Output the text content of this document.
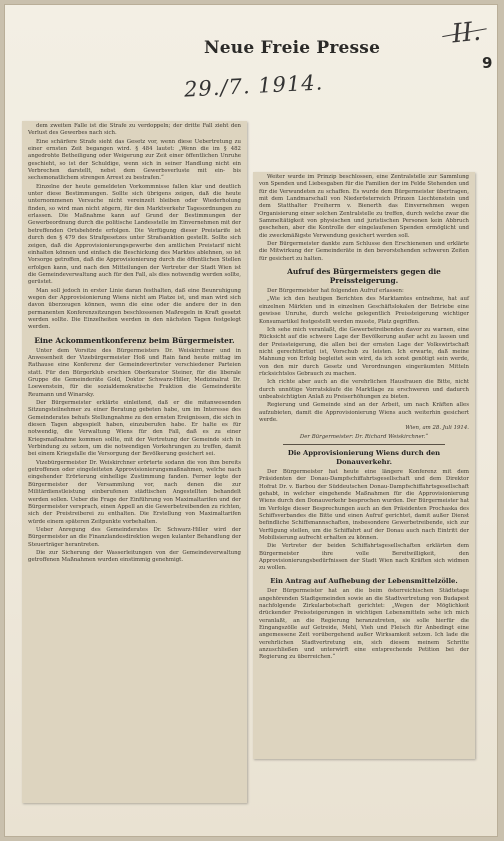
Neue Freie Presse	II.
9
29./7. 1914.

dem zweiten Falle ist die Strafe zu verdoppeln; der dritte Fall zieht den Verlust des Gewerbes nach sich.

Eine schärfere Strafe sieht das Gesetz vor, wenn diese Uebertretung zu einer ernsten Zeit begangen wird. § 484 lautet: „Wenn die im § 482 angedrohte Betheiligung oder Weigerung zur Zeit einer öffentlichen Unruhe geschieht, so ist der Schuldige, wenn sich in seiner Handlung nicht ein Verbrechen darstellt, nebst dem Gewerbsverluste mit ein- bis sechsmonatlichem strengen Arrest zu bestrafen.“

Einzelne der heute gemeldeten Vorkommnisse fallen klar und deutlich unter diese Bestimmungen. Sollte sich übrigens zeigen, daß die heute unternommenen Versuche nicht vereinzelt bleiben oder Wiederholung finden, so wird man nicht zögern, für den Marktverkehr Tagesordnungen zu erlassen. Die Maßnahme kann auf Grund der Bestimmungen der Gewerbeordnung durch die politische Landesstelle im Einvernehmen mit der betreffenden Ortsbehörde erfolgen. Die Verfügung dieser Preistarife ist durch den § 479 des Strafgesetzes unter Strafsanktion gestellt. Sollte sich zeigen, daß die Approvisionierungsgewerbe den amtlichen Preistarif nicht einhalten können und einfach die Beschickung des Marktes ablehnen, so ist Vorsorge getroffen, daß die Approvisionierung durch die öffentlichen Stellen erfolgen kann, und nach den Mitteilungen der Vertreter der Stadt Wien ist die Gemeindeverwaltung auch für den Fall, als dies notwendig werden sollte, gerüstet.

Man soll jedoch in erster Linie daran festhalten, daß eine Beunruhigung wegen der Approvisionierung Wiens nicht am Platze ist, und man wird sich davon überzeugen können, wenn die eine oder die andere der in den permanenten Konferenzsitzungen beschlossenen Maßregeln in Kraft gesetzt werden sollte. Die Einzelheiten werden in den nächsten Tagen festgelegt werden.

Eine Ackommentkonferenz beim Bürgermeister.

Unter dem Vorsitze des Bürgermeisters Dr. Weiskirchner und in Anwesenheit der Vizebürgermeister Hoß und Rain fand heute mittag im Rathause eine Konferenz der Gemeindevertreter verschiedener Parteien statt. Für den Bürgerklub erschien Oberkurator Steiner, für die liberale Gruppe die Gemeinderäte Gold, Doktor Schwarz-Hiller, Medizinalrat Dr. Loewenstein, für die sozialdemokratische Fraktion die Gemeinderäte Reumann und Winarsky.

Der Bürgermeister erklärte einleitend, daß er die mitanwesenden Sitzungsteilnehmer zu einer Beratung gebeten habe, um im Interesse des Gemeinderates behufs Stellungnahme zu den ernsten Ereignissen, die sich in diesen Tagen abgespielt haben, einzuberufen habe. Er halte es für notwendig, die Verwaltung Wiens für den Fall, daß es zu einer Kriegsmaßnahme kommen sollte, mit der Vertretung der Gemeinde sich in Verbindung zu setzen, um die notwendigen Vorkehrungen zu treffen, damit bei einem Kriegsfalle die Versorgung der Bevölkerung gesichert sei.

Vizebürgermeister Dr. Weiskirchner erörterte sodann die von ihm bereits getroffenen oder eingeleiteten Approvisionierungsmaßnahmen, welche nach eingehender Erörterung einhellige Zustimmung fanden. Ferner legte der Bürgermeister der Versammlung vor, nach denen die zur Militärdienstleistung einberufenen städtischen Angestellten behandelt werden sollen. Ueber die Frage der Einführung von Maximaltarifen und der Bürgermeister versprach, einen Appell an die Gewerbetreibenden zu richten, sich der Preistreiberei zu enthalten. Die Erstellung von Maximaltarifen würde einem späteren Zeitpunkte vorbehalten.

Ueber Anregung des Gemeinderates Dr. Schwarz-Hiller wird der Bürgermeister an die Finanzlandesdirektion wegen kulanter Behandlung der Steuerträger herantreten.

Die zur Sicherung der Wasserleitungen von der Gemeindeverwaltung getroffenen Maßnahmen wurden einstimmig genehmigt.

Weiter wurde im Prinzip beschlossen, eine Zentralstelle zur Sammlung von Spenden und Liebesgaben für die Familien der im Felde Stehenden und für die Verwundeten zu schaffen. Es wurde dem Bürgermeister übertragen, mit dem Landmarschall von Niederösterreich Prinzen Liechtenstein und dem Statthalter Freiherrn v. Bienerth das Einvernehmen wegen Organisierung einer solchen Zentralstelle zu treffen, durch welche zwar die Sammeltätigkeit von physischen und juristischen Personen kein Abbruch geschehen, aber die Kontrolle der eingelaufenen Spenden ermöglicht und die zweckmäßigste Verwendung gesichert werden soll.

Der Bürgermeister dankte zum Schlusse den Erschienenen und erklärte die Mitwirkung der Gemeinderäte in den bevorstehenden schweren Zeiten für gesichert zu halten.

Aufruf des Bürgermeisters gegen die Preissteigerung.

Der Bürgermeister hat folgenden Aufruf erlassen:

„Wie ich den heutigen Berichten des Marktamtes entnehme, hat auf einzelnen Märkten und in einzelnen Geschäftslokalen der Betriebe eine gewisse Unruhe, durch welche gelegentlich Preissteigerung wichtiger Konsumartikel festgestellt werden musste, Platz gegriffen.

Ich sehe mich veranlaßt, die Gewerbetreibenden davor zu warnen, eine Rücksicht auf die schwere Lage der Bevölkerung außer acht zu lassen und der Preissteigerung, die allen bei der ernsten Lage der Volkswirtschaft nicht gerechtfertigt ist, Vorschub zu leisten. Ich erwarte, daß meine Mahnung von Erfolg begleitet sein wird, da ich sonst genötigt sein werde, von den mir durch Gesetz und Verordnungen eingeräumten Mitteln rücksichtslos Gebrauch zu machen.

Ich richte aber auch an die verehrlichen Hausfrauen die Bitte, nicht durch unnötige Vorratskäufe die Marktlage zu erschweren und dadurch unbeabsichtigten Anlaß zu Preiserhöhungen zu bieten.

Regierung und Gemeinde sind an der Arbeit, um nach Kräften alles aufzubieten, damit die Approvisionierung Wiens auch weiterhin gesichert werde.

Wien, am 28. Juli 1914.

Der Bürgermeister: Dr. Richard Weiskirchner.“

Die Approvisionierung Wiens durch den Donauverkehr.

Der Bürgermeister hat heute eine längere Konferenz mit dem Präsidenten der Donau-Dampfschiffahrtsgesellschaft und dem Direktor Hofrat Dr. v. Barbou der Süddeutschen Donau-Dampfschiffahrtsgesellschaft gehabt, in welcher eingehende Maßnahmen für die Approvisionierung Wiens durch den Donauverkehr besprochen wurden. Der Bürgermeister hat im Verfolge dieser Besprechungen auch an den Präsidenten Prochaska des Schiffsverbandes die Bitte und einen Aufruf gerichtet, damit außer Dienst befindliche Schiffsmannschaften, insbesondere Gewerbetreibende, sich zur Verfügung stellen, um die Schiffahrt auf der Donau auch nach Eintritt der Mobilisierung aufrecht erhalten zu können.

Die Vertreter der beiden Schiffahrtsgesellschaften erklärten dem Bürgermeister ihre volle Bereitwilligkeit, den Approvisionierungsbedürfnissen der Stadt Wien nach Kräften sich widmen zu wollen.

Ein Antrag auf Aufhebung der Lebensmittelzölle.

Der Bürgermeister hat an die beim österreichischen Städtetage angehörenden Stadtgemeinden sowie an die Stadtvertretung von Budapest nachfolgende Zirkularbotschaft gerichtet: „Wegen der Möglichkeit drückender Preissteigerungen in wichtigen Lebensmitteln sehe ich mich veranlaßt, an die Regierung heranzutreten, sie solle hierfür die Eingangszölle auf Getreide, Mehl, Vieh und Fleisch für Anbedingt eine angemessene Zeit vorübergehend außer Wirksamkeit setzen. Ich lade die verehrlichen Stadtvertretung ein, sich diesem meinem Schritte anzuschließen und unterwirft eine entsprechende Petition bei der Regierung zu überreichen.“
